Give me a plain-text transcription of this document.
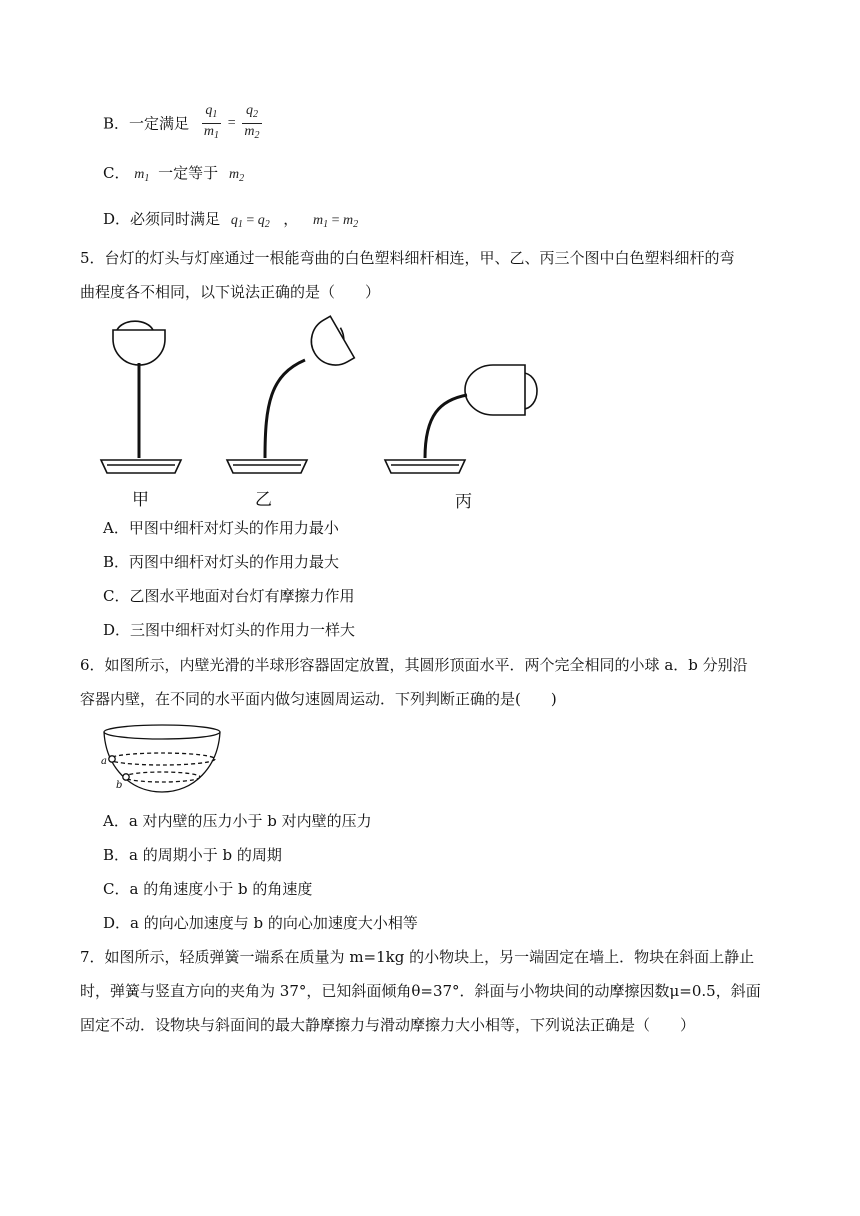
B．一定满足 $\frac{q_1}{m_1} = \frac{q_2}{m_2}$
C． $m_1$ 一定等于 $m_2$
D．必须同时满足 $q_1 = q_2$ ， $m_1 = m_2$
5．台灯的灯头与灯座通过一根能弯曲的白色塑料细杆相连，甲、乙、丙三个图中白色塑料细杆的弯
曲程度各不相同，以下说法正确的是（　　）
甲	乙	丙
A．甲图中细杆对灯头的作用力最小
B．丙图中细杆对灯头的作用力最大
C．乙图水平地面对台灯有摩擦力作用
D．三图中细杆对灯头的作用力一样大
6．如图所示，内壁光滑的半球形容器固定放置，其圆形顶面水平．两个完全相同的小球 a．b 分别沿
容器内壁，在不同的水平面内做匀速圆周运动．下列判断正确的是(　　)
a
b
A．a 对内壁的压力小于 b 对内壁的压力
B．a 的周期小于 b 的周期
C．a 的角速度小于 b 的角速度
D．a 的向心加速度与 b 的向心加速度大小相等
7．如图所示，轻质弹簧一端系在质量为 m=1kg 的小物块上，另一端固定在墙上．物块在斜面上静止
时，弹簧与竖直方向的夹角为 37°，已知斜面倾角θ=37°．斜面与小物块间的动摩擦因数μ=0.5，斜面
固定不动．设物块与斜面间的最大静摩擦力与滑动摩擦力大小相等，下列说法正确是（　　）
